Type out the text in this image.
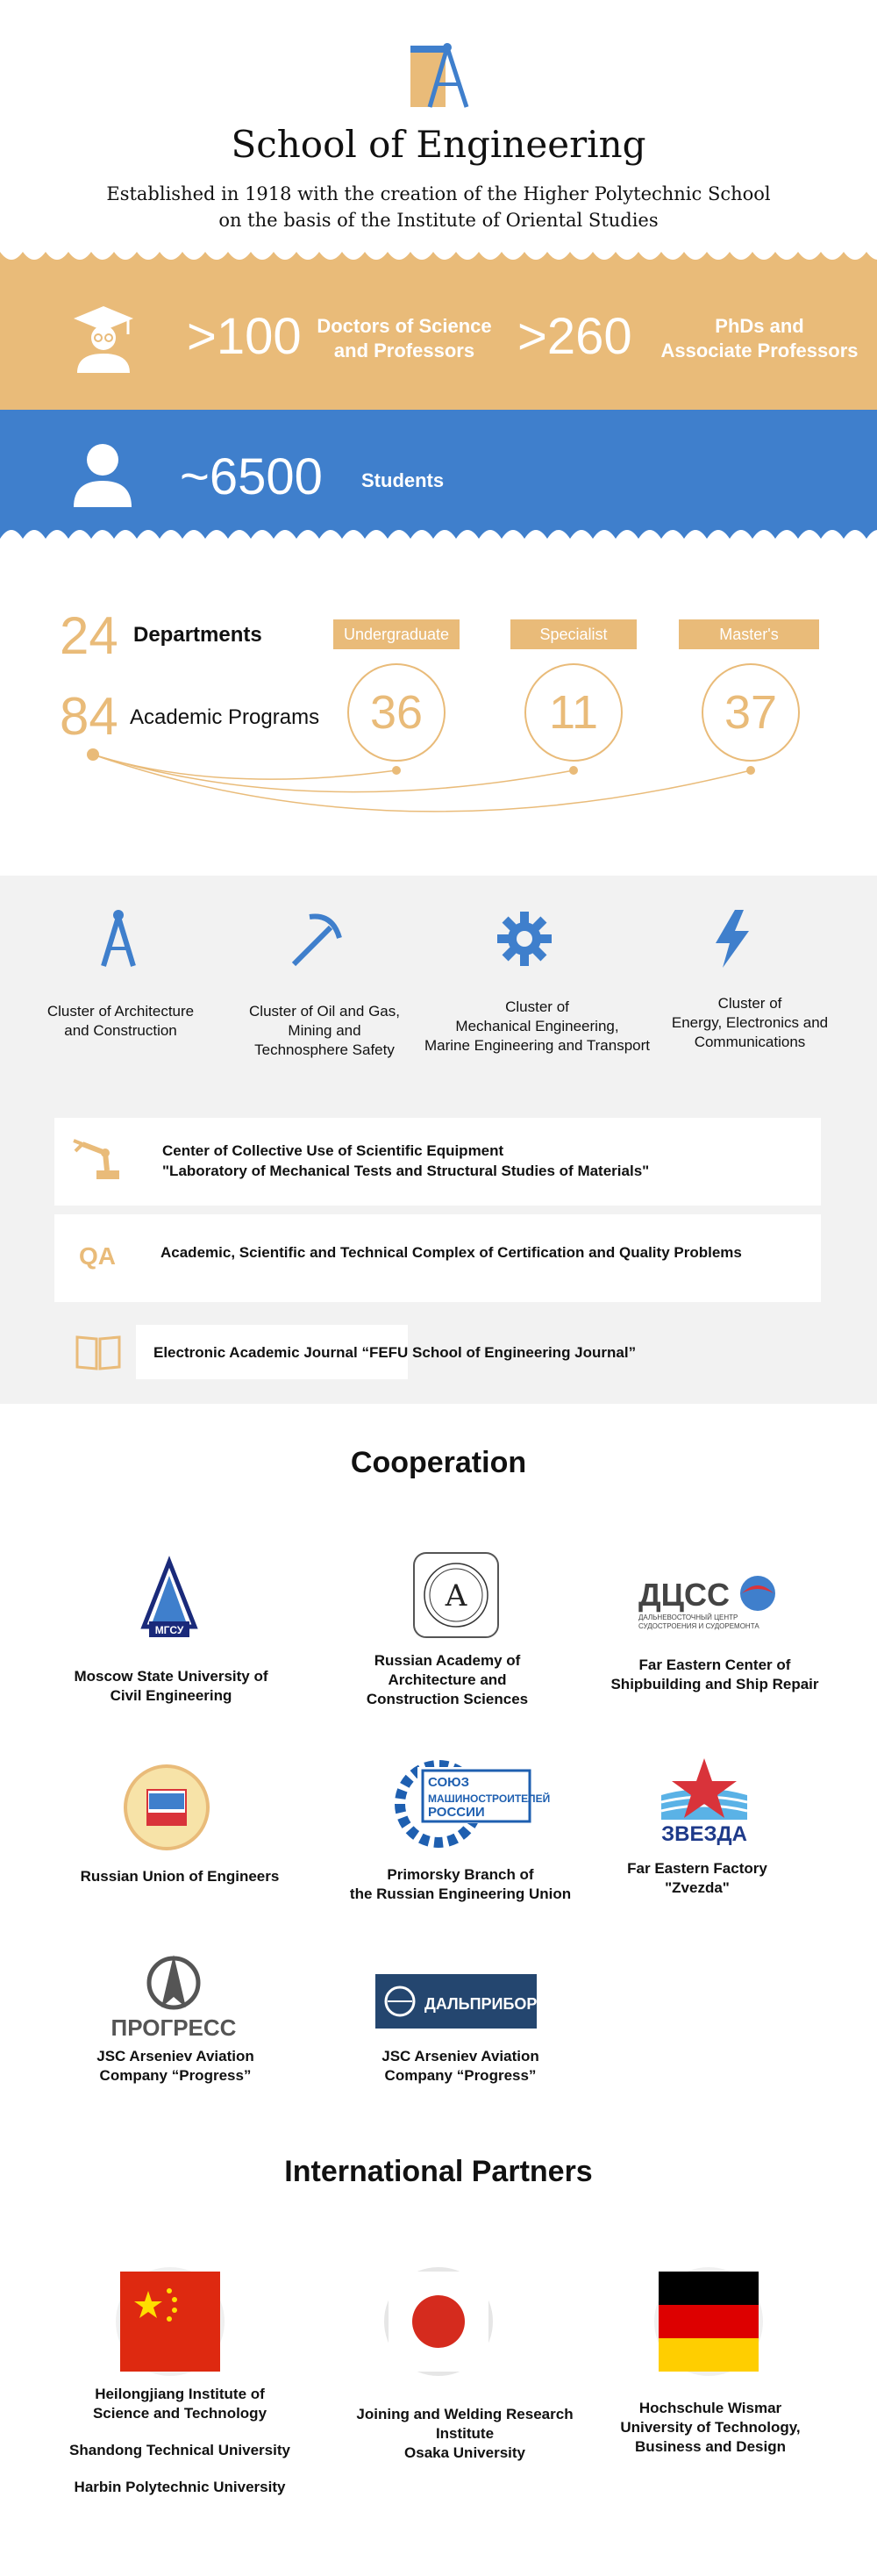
School of Engineering
Established in 1918 with the creation of the Higher Polytechnic School
on the basis of the Institute of Oriental Studies
>100 Doctors of Science
and Professors >260	PhDs and
Associate Professors
~6500 Students
24 Departments
84 Academic Programs
Undergraduate	Specialist	Master's
36	11	37
Cluster of Architecture
and Construction
Cluster of Oil and Gas,
Mining and
Technosphere Safety
Cluster of
Mechanical Engineering,
Marine Engineering and Transport
Cluster of
Energy, Electronics and
Communications
Center of Collective Use of Scientific Equipment
"Laboratory of Mechanical Tests and Structural Studies of Materials"
QA	Academic, Scientific and Technical Complex of Certification and Quality Problems
Electronic Academic Journal “FEFU School of Engineering Journal”
Cooperation
МГСУ
A	ДЦСС
ДАЛЬНЕВОСТОЧНЫЙ ЦЕНТР
СУДОСТРОЕНИЯ И СУДОРЕМОНТА
Moscow State University of
Civil Engineering
Russian Academy of
Architecture and
Construction Sciences
Far Eastern Center of
Shipbuilding and Ship Repair
СОЮЗ
МАШИНОСТРОИТЕЛЕЙ
РОССИИ
ЗВЕЗДА
Russian Union of Engineers	Primorsky Branch of
the Russian Engineering Union
Far Eastern Factory
"Zvezda"
ПРОГРЕСС
ДАЛЬПРИБОР
JSC Arseniev Aviation
Company “Progress”
JSC Arseniev Aviation
Company “Progress”
International Partners
Heilongjiang Institute of
Science and Technology
Shandong Technical University
Harbin Polytechnic University
Joining and Welding Research
Institute
Osaka University
Hochschule Wismar
University of Technology,
Business and Design
